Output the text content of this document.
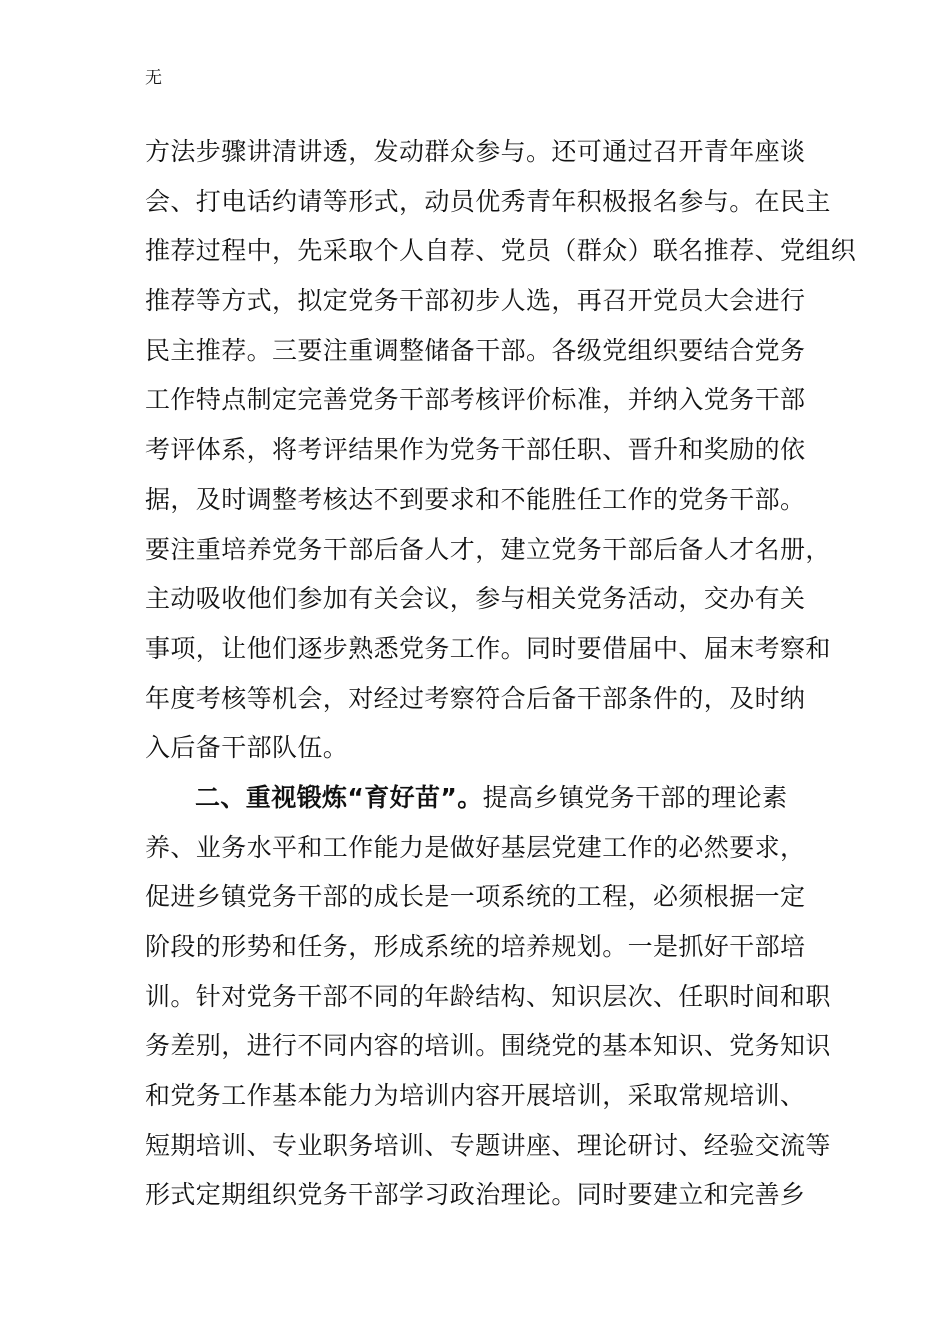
无
方法步骤讲清讲透，发动群众参与。还可通过召开青年座谈
会、打电话约请等形式，动员优秀青年积极报名参与。在民主
推荐过程中，先采取个人自荐、党员（群众）联名推荐、党组织
推荐等方式，拟定党务干部初步人选，再召开党员大会进行
民主推荐。三要注重调整储备干部。各级党组织要结合党务
工作特点制定完善党务干部考核评价标准，并纳入党务干部
考评体系，将考评结果作为党务干部任职、晋升和奖励的依
据，及时调整考核达不到要求和不能胜任工作的党务干部。
要注重培养党务干部后备人才，建立党务干部后备人才名册，
主动吸收他们参加有关会议，参与相关党务活动，交办有关
事项，让他们逐步熟悉党务工作。同时要借届中、届末考察和
年度考核等机会，对经过考察符合后备干部条件的，及时纳
入后备干部队伍。
二、重视锻炼“育好苗”。提高乡镇党务干部的理论素
养、业务水平和工作能力是做好基层党建工作的必然要求，
促进乡镇党务干部的成长是一项系统的工程，必须根据一定
阶段的形势和任务，形成系统的培养规划。一是抓好干部培
训。针对党务干部不同的年龄结构、知识层次、任职时间和职
务差别，进行不同内容的培训。围绕党的基本知识、党务知识
和党务工作基本能力为培训内容开展培训，采取常规培训、
短期培训、专业职务培训、专题讲座、理论研讨、经验交流等
形式定期组织党务干部学习政治理论。同时要建立和完善乡
